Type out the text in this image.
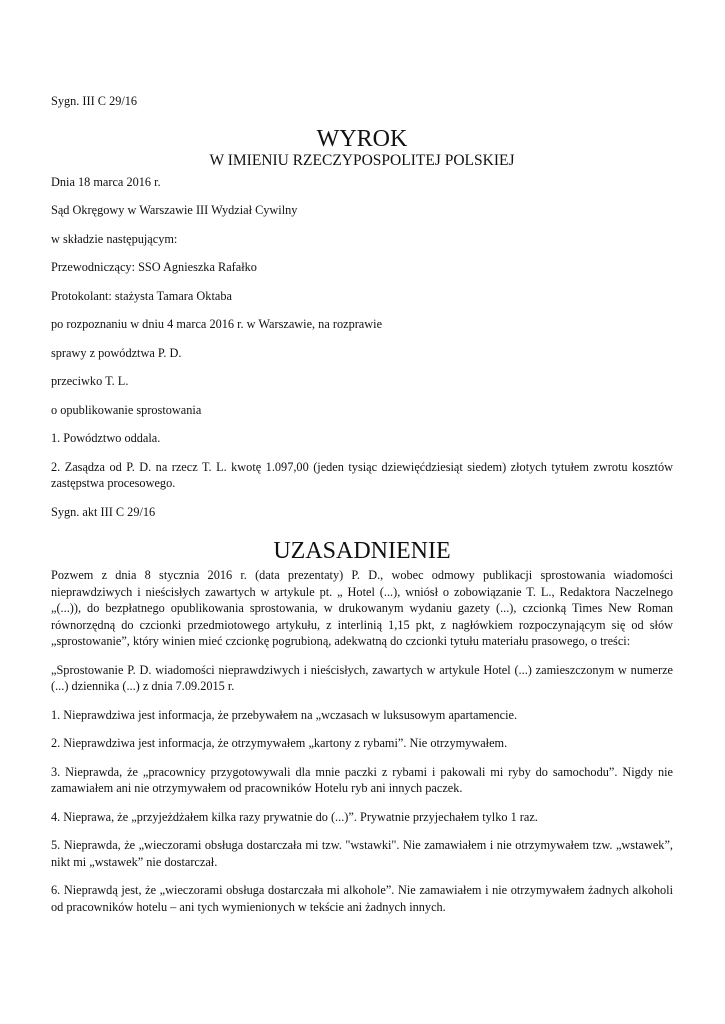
Sygn. III C 29/16

WYROK
W IMIENIU RZECZYPOSPOLITEJ POLSKIEJ

Dnia 18 marca 2016 r.

Sąd Okręgowy w Warszawie III Wydział Cywilny

w składzie następującym:

Przewodniczący: SSO Agnieszka Rafałko

Protokolant: stażysta Tamara Oktaba

po rozpoznaniu w dniu 4 marca 2016 r. w Warszawie, na rozprawie

sprawy z powództwa P. D.

przeciwko T. L.

o opublikowanie sprostowania

1. Powództwo oddala.

2. Zasądza od P. D. na rzecz T. L. kwotę 1.097,00 (jeden tysiąc dziewięćdziesiąt siedem) złotych tytułem zwrotu kosztów zastępstwa procesowego.

Sygn. akt III C 29/16

UZASADNIENIE

Pozwem z dnia 8 stycznia 2016 r. (data prezentaty) P. D., wobec odmowy publikacji sprostowania wiadomości nieprawdziwych i nieścisłych zawartych w artykule pt. „ Hotel (...), wniósł o zobowiązanie T. L., Redaktora Naczelnego „(...)), do bezpłatnego opublikowania sprostowania, w drukowanym wydaniu gazety (...), czcionką Times New Roman równorzędną do czcionki przedmiotowego artykułu, z interlinią 1,15 pkt, z nagłówkiem rozpoczynającym się od słów „sprostowanie”, który winien mieć czcionkę pogrubioną, adekwatną do czcionki tytułu materiału prasowego, o treści:

„Sprostowanie P. D. wiadomości nieprawdziwych i nieścisłych, zawartych w artykule Hotel (...) zamieszczonym w numerze (...) dziennika (...) z dnia 7.09.2015 r.

1. Nieprawdziwa jest informacja, że przebywałem na „wczasach w luksusowym apartamencie.

2. Nieprawdziwa jest informacja, że otrzymywałem „kartony z rybami”. Nie otrzymywałem.

3. Nieprawda, że „pracownicy przygotowywali dla mnie paczki z rybami i pakowali mi ryby do samochodu”. Nigdy nie zamawiałem ani nie otrzymywałem od pracowników Hotelu ryb ani innych paczek.

4. Nieprawa, że „przyjeżdżałem kilka razy prywatnie do (...)”. Prywatnie przyjechałem tylko 1 raz.

5. Nieprawda, że „wieczorami obsługa dostarczała mi tzw. "wstawki". Nie zamawiałem i nie otrzymywałem tzw. „wstawek”, nikt mi „wstawek” nie dostarczał.

6. Nieprawdą jest, że „wieczorami obsługa dostarczała mi alkohole”. Nie zamawiałem i nie otrzymywałem żadnych alkoholi od pracowników hotelu – ani tych wymienionych w tekście ani żadnych innych.
